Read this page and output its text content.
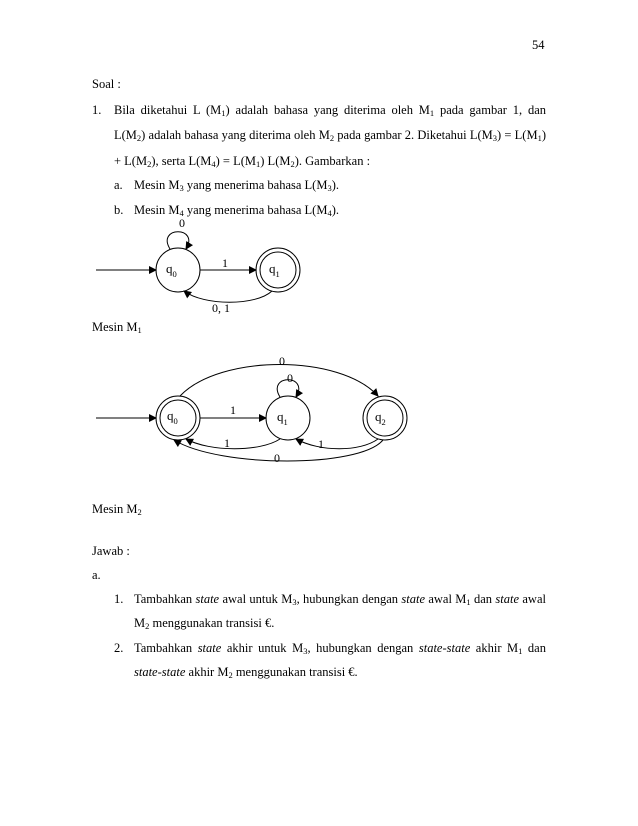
54
Soal :
1. Bila diketahui L $(M_1)$ adalah bahasa yang diterima oleh $M_1$ pada gambar 1, dan
$L(M_2)$ adalah bahasa yang diterima oleh $M_2$ pada gambar 2. Diketahui $L(M_3) = L(M_1)$
+ $L(M_2)$, serta $L(M_4) = L(M_1)$ $L(M_2)$. Gambarkan :
a. Mesin $M_3$ yang menerima bahasa $L(M_3)$.
b. Mesin $M_4$ yang menerima bahasa $L(M_4)$.
$q_0$
0
1	$q_1$
0, 1
Mesin $M_1$
$q_0$	$q_1$	$q_2$
0
0
1
1	1
0
Mesin $M_2$
Jawab :
a.
1. Tambahkan state awal untuk $M_3$, hubungkan dengan state awal $M_1$ dan state awal
$M_2$ menggunakan transisi €.
2. Tambahkan state akhir untuk $M_3$, hubungkan dengan state-state akhir $M_1$ dan
state-state akhir $M_2$ menggunakan transisi €.
